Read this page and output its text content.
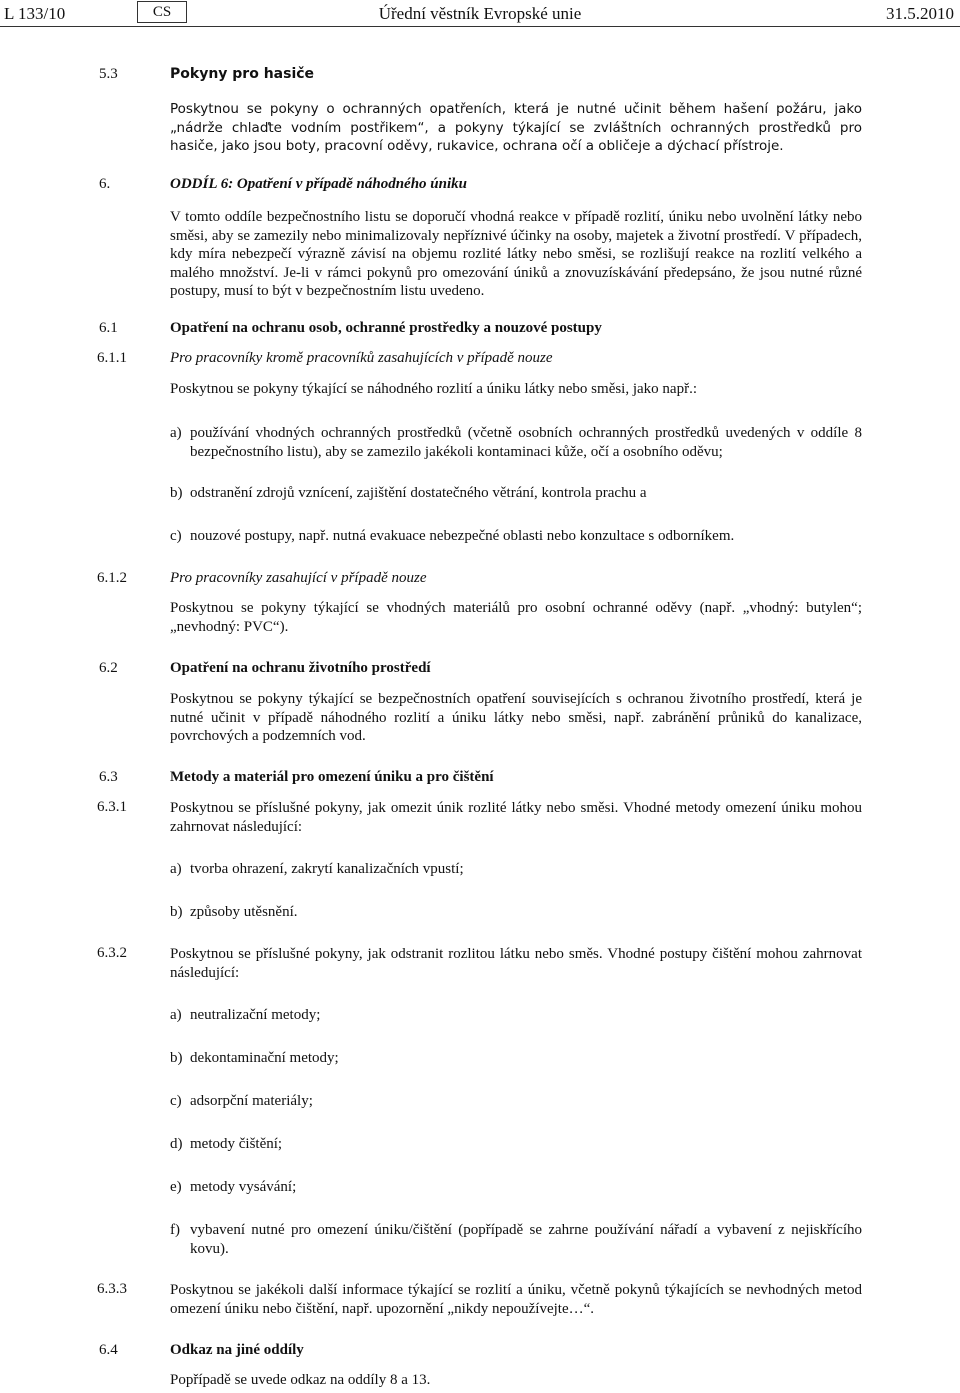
L 133/10	CS	Úřední věstník Evropské unie	31.5.2010
5.3	Pokyny pro hasiče
Poskytnou se pokyny o ochranných opatřeních, která je nutné učinit během hašení požáru, jako „nádrže chlaďte vodním postřikem“, a pokyny týkající se zvláštních ochranných prostředků pro hasiče, jako jsou boty, pracovní oděvy, rukavice, ochrana očí a obličeje a dýchací přístroje.
6.	ODDÍL 6: Opatření v případě náhodného úniku
V tomto oddíle bezpečnostního listu se doporučí vhodná reakce v případě rozlití, úniku nebo uvolnění látky nebo směsi, aby se zamezily nebo minimalizovaly nepříznivé účinky na osoby, majetek a životní prostředí. V případech, kdy míra nebezpečí výrazně závisí na objemu rozlité látky nebo směsi, se rozlišují reakce na rozlití velkého a malého množství. Je-li v rámci pokynů pro omezování úniků a znovuzískávání předepsáno, že jsou nutné různé postupy, musí to být v bezpečnostním listu uvedeno.
6.1	Opatření na ochranu osob, ochranné prostředky a nouzové postupy
6.1.1	Pro pracovníky kromě pracovníků zasahujících v případě nouze
Poskytnou se pokyny týkající se náhodného rozlití a úniku látky nebo směsi, jako např.:
a) používání vhodných ochranných prostředků (včetně osobních ochranných prostředků uvedených v oddíle 8 bezpečnostního listu), aby se zamezilo jakékoli kontaminaci kůže, očí a osobního oděvu;
b) odstranění zdrojů vznícení, zajištění dostatečného větrání, kontrola prachu a
c) nouzové postupy, např. nutná evakuace nebezpečné oblasti nebo konzultace s odborníkem.
6.1.2	Pro pracovníky zasahující v případě nouze
Poskytnou se pokyny týkající se vhodných materiálů pro osobní ochranné oděvy (např. „vhodný: butylen“; „nevhodný: PVC“).
6.2	Opatření na ochranu životního prostředí
Poskytnou se pokyny týkající se bezpečnostních opatření souvisejících s ochranou životního prostředí, která je nutné učinit v případě náhodného rozlití a úniku látky nebo směsi, např. zabránění průniků do kanalizace, povrchových a podzemních vod.
6.3	Metody a materiál pro omezení úniku a pro čištění
6.3.1	Poskytnou se příslušné pokyny, jak omezit únik rozlité látky nebo směsi. Vhodné metody omezení úniku mohou zahrnovat následující:
a) tvorba ohrazení, zakrytí kanalizačních vpustí;
b) způsoby utěsnění.
6.3.2	Poskytnou se příslušné pokyny, jak odstranit rozlitou látku nebo směs. Vhodné postupy čištění mohou zahrnovat následující:
a) neutralizační metody;
b) dekontaminační metody;
c) adsorpční materiály;
d) metody čištění;
e) metody vysávání;
f) vybavení nutné pro omezení úniku/čištění (popřípadě se zahrne používání nářadí a vybavení z nejiskřícího kovu).
6.3.3	Poskytnou se jakékoli další informace týkající se rozlití a úniku, včetně pokynů týkajících se nevhodných metod omezení úniku nebo čištění, např. upozornění „nikdy nepoužívejte…“.
6.4	Odkaz na jiné oddíly
Popřípadě se uvede odkaz na oddíly 8 a 13.
